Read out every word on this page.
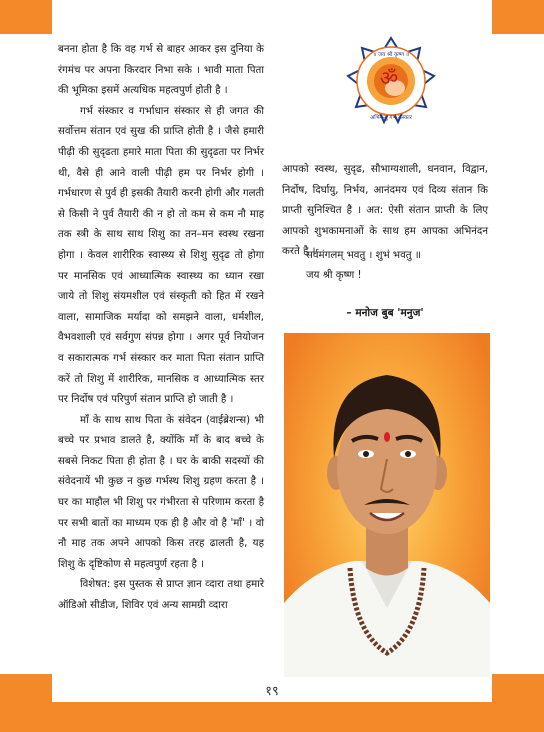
१९

बनना होता है कि वह गर्भ से बाहर आकर इस दुनिया के रंगमंच पर अपना किरदार निभा सके । भावी माता पिता की भूमिका इसमें अत्यधिक महत्वपुर्ण होती है ।

गर्भ संस्कार व गर्भाधान संस्कार से ही जगत की सर्वोत्तम संतान एवं सुख की प्राप्ति होती है । जैसे हमारी पीढ़ी की सुदृढता हमारे माता पिता की सुदृढता पर निर्भर थी, वैसे ही आने वाली पीढ़ी हम पर निर्भर होगी । गर्भधारण से पुर्व ही इसकी तैयारी करनी होगी और गलती से किसी ने पुर्व तैयारी की न हो तो कम से कम नौ माह तक स्त्री के साथ साथ शिशु का तन–मन स्वस्थ रखना होगा । केवल शारीरिक स्वास्थ्य से शिशु सुदृढ तो होगा पर मानसिक एवं आध्यात्मिक स्वास्थ्य का ध्यान रखा जाये तो शिशु संयमशील एवं संस्कृती को हित में रखने वाला, सामाजिक मर्यादा को समझने वाला, धर्मशील, वैभवशाली एवं सर्वगुण संपन्न होगा । अगर पूर्व नियोजन व सकारात्मक गर्भ संस्कार कर माता पिता संतान प्राप्ति करें तो शिशु में शारीरिक, मानसिक व आध्यात्मिक स्तर पर निर्दोष एवं परिपुर्ण संतान प्राप्ति हो जाती है ।

माँ के साथ साथ पिता के संवेदन (वाईब्रेशन्स) भी बच्चे पर प्रभाव डालते है, क्योंकि माँ के बाद बच्चे के सबसे निकट पिता ही होता है । घर के बाकी सदस्यों की संवेदनायें भी कुछ न कुछ गर्भस्थ शिशु ग्रहण करता है । घर का माहौल भी शिशु पर गंभीरता से परिणाम करता है पर सभी बातों का माध्यम एक ही है और वो है 'माँ' । वो नौ माह तक अपने आपको किस तरह ढालती है, यह शिशु के दृष्टिकोण से महत्वपुर्ण रहता है ।

विशेषत: इस पुस्तक से प्राप्त ज्ञान व्दारा तथा हमारे ऑडिओ सीडीज, शिविर एवं अन्य सामग्री व्दारा

॥ जय श्री कृष्ण ॥
ॐ
अभिमन्यु गर्भ संस्कार

आपको स्वस्थ, सुदृढ, सौभाग्यशाली, धनवान, विद्वान, निर्दोष, दिर्घायु, निर्भय, आनंदमय एवं दिव्य संतान कि प्राप्ती सुनिश्चित है । अत: ऐसी संतान प्राप्ती के लिए आपको शुभकामनाओं के साथ हम आपका अभिनंदन करते है ।

सर्वमंगलम् भवतु । शुभं भवतु ॥
जय श्री कृष्ण !
– मनोज बुब 'मनुज'
